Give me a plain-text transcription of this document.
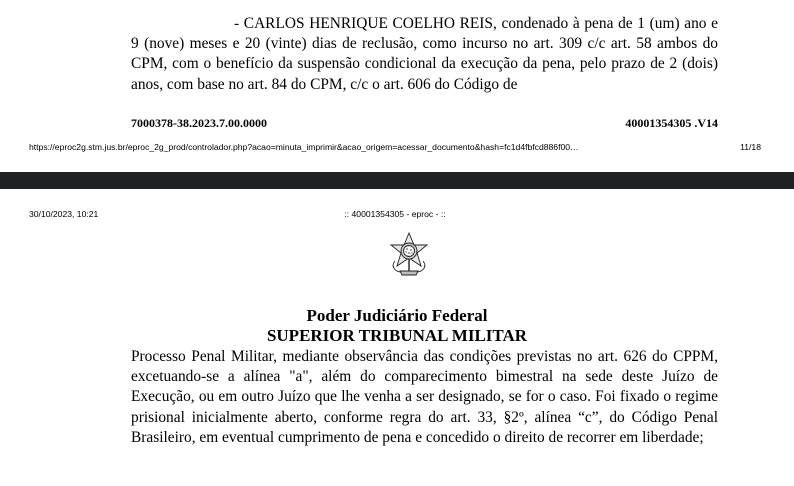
- CARLOS HENRIQUE COELHO REIS, condenado à pena de 1 (um) ano e 9 (nove) meses e 20 (vinte) dias de reclusão, como incurso no art. 309 c/c art. 58 ambos do CPM, com o benefício da suspensão condicional da execução da pena, pelo prazo de 2 (dois) anos, com base no art. 84 do CPM, c/c o art. 606 do Código de
7000378-38.2023.7.00.0000	40001354305 .V14
https://eproc2g.stm.jus.br/eproc_2g_prod/controlador.php?acao=minuta_imprimir&acao_origem=acessar_documento&hash=fc1d4fbfcd886f00…	11/18
30/10/2023, 10:21	:: 40001354305 - eproc - ::
Poder Judiciário Federal
SUPERIOR TRIBUNAL MILITAR
Processo Penal Militar, mediante observância das condições previstas no art. 626 do CPPM, excetuando-se a alínea "a", além do comparecimento bimestral na sede deste Juízo de Execução, ou em outro Juízo que lhe venha a ser designado, se for o caso. Foi fixado o regime prisional inicialmente aberto, conforme regra do art. 33, §2º, alínea “c”, do Código Penal Brasileiro, em eventual cumprimento de pena e concedido o direito de recorrer em liberdade;
